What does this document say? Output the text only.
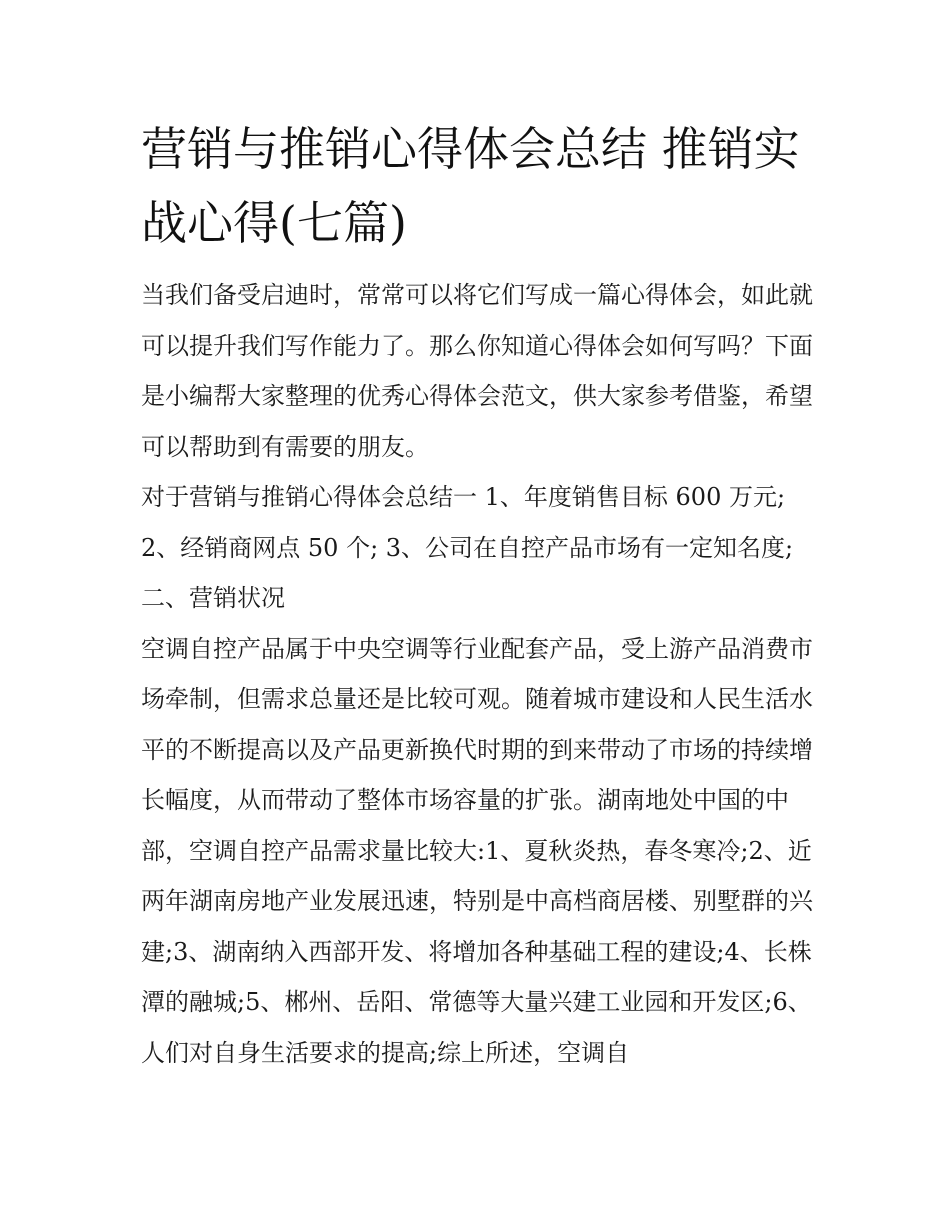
营销与推销心得体会总结 推销实战心得(七篇)

当我们备受启迪时，常常可以将它们写成一篇心得体会，如此就可以提升我们写作能力了。那么你知道心得体会如何写吗？下面是小编帮大家整理的优秀心得体会范文，供大家参考借鉴，希望可以帮助到有需要的朋友。

对于营销与推销心得体会总结一 1、年度销售目标 600 万元; 2、经销商网点 50 个; 3、公司在自控产品市场有一定知名度;

二、营销状况

空调自控产品属于中央空调等行业配套产品，受上游产品消费市场牵制，但需求总量还是比较可观。随着城市建设和人民生活水平的不断提高以及产品更新换代时期的到来带动了市场的持续增长幅度，从而带动了整体市场容量的扩张。湖南地处中国的中部，空调自控产品需求量比较大:1、夏秋炎热，春冬寒冷;2、近两年湖南房地产业发展迅速，特别是中高档商居楼、别墅群的兴建;3、湖南纳入西部开发、将增加各种基础工程的建设;4、长株潭的融城;5、郴州、岳阳、常德等大量兴建工业园和开发区;6、人们对自身生活要求的提高;综上所述，空调自
